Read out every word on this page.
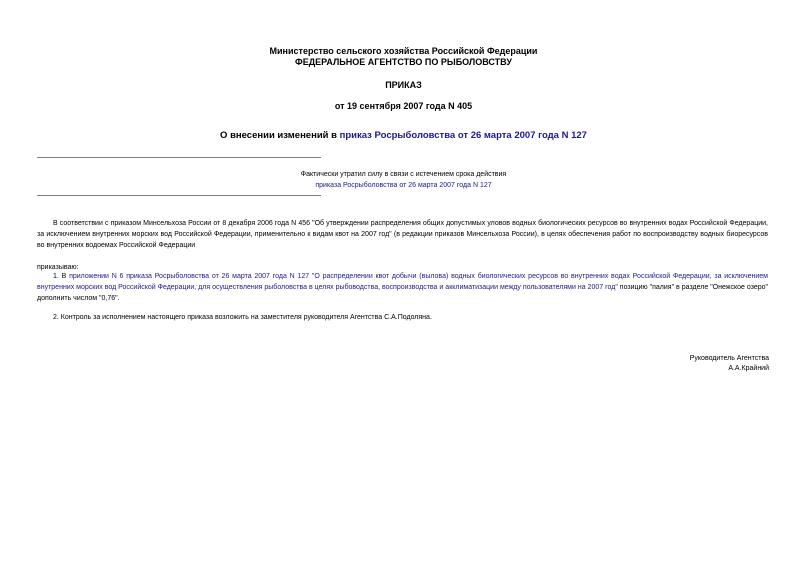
Министерство сельского хозяйства Российской Федерации
ФЕДЕРАЛЬНОЕ АГЕНТСТВО ПО РЫБОЛОВСТВУ
ПРИКАЗ
от 19 сентября 2007 года N 405
О внесении изменений в приказ Росрыболовства от 26 марта 2007 года N 127
Фактически утратил силу в связи с истечением срока действия
приказа Росрыболовства от 26 марта 2007 года N 127
В соответствии с приказом Минсельхоза России от 8 декабря 2006 года N 456 "Об утверждении распределения общих допустимых уловов водных биологических ресурсов во внутренних водах Российской Федерации, за исключением внутренних морских вод Российской Федерации, применительно к видам квот на 2007 год" (в редакции приказов Минсельхоза России), в целях обеспечения работ по воспроизводству водных биоресурсов во внутренних водоемах Российской Федерации
приказываю:
1. В приложении N 6 приказа Росрыболовства от 26 марта 2007 года N 127 "О распределении квот добычи (вылова) водных биологических ресурсов во внутренних водах Российской Федерации, за исключением внутренних морских вод Российской Федерации, для осуществления рыболовства в целях рыбоводства, воспроизводства и акклиматизации между пользователями на 2007 год" позицию "палия" в разделе "Онежское озеро" дополнить числом "0,76".
2. Контроль за исполнением настоящего приказа возложить на заместителя руководителя Агентства С.А.Подоляна.
Руководитель Агентства
А.А.Крайний
